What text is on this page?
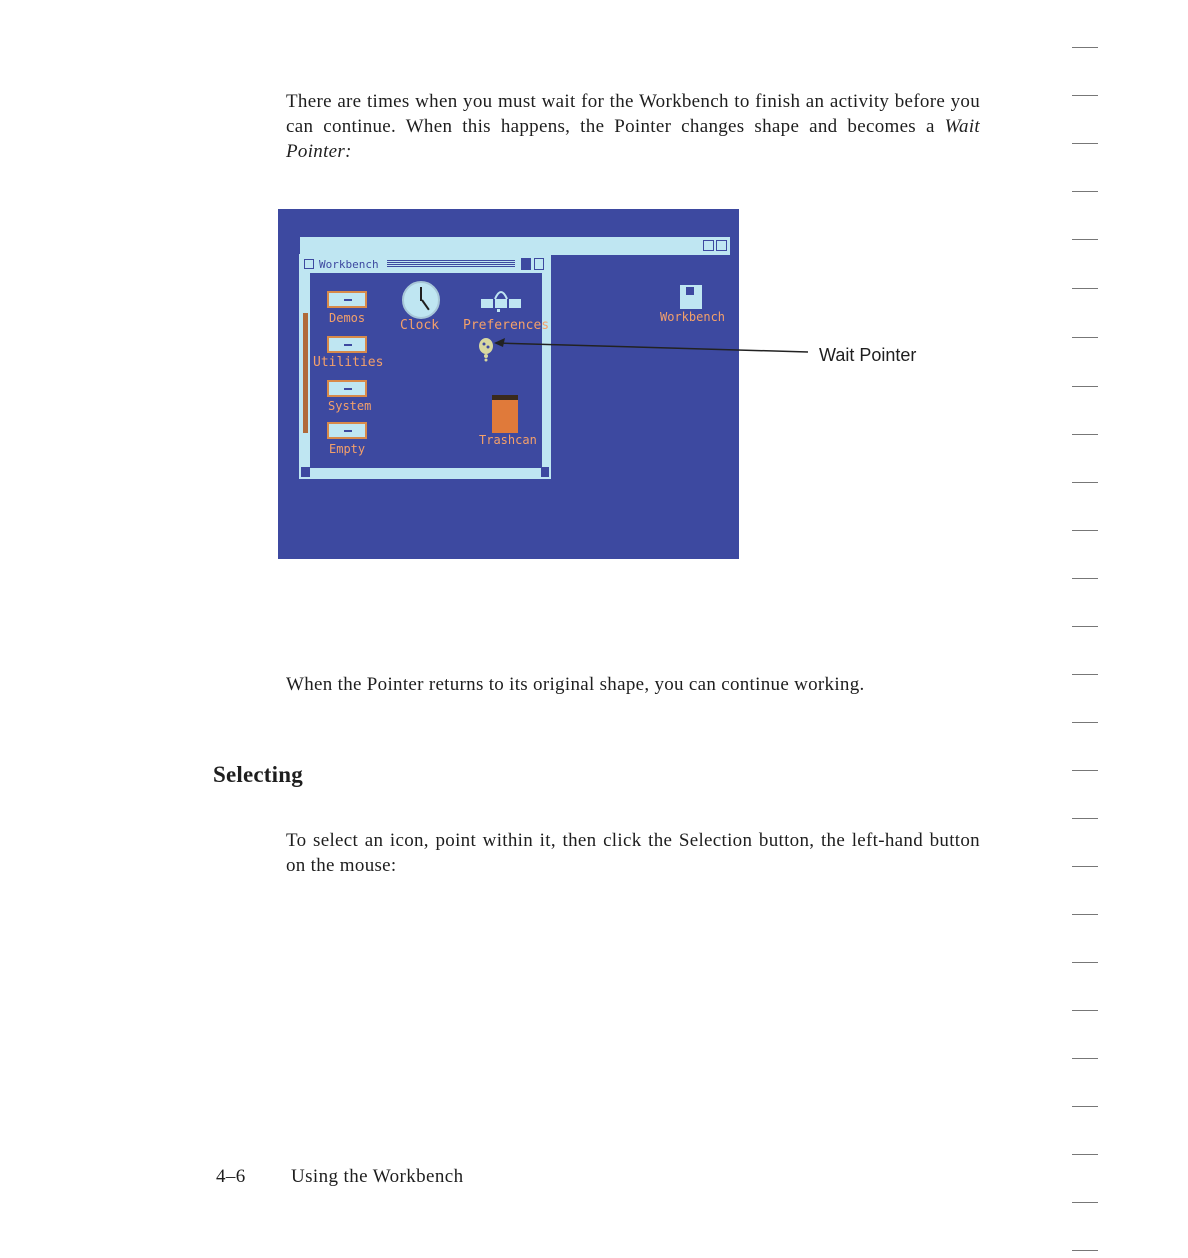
There are times when you must wait for the Workbench to finish an activity before you can continue. When this happens, the Pointer changes shape and becomes a Wait Pointer:

Workbench
Demos	Clock Preferences
Utilities
System
Trashcan
Empty
Workbench
Wait Pointer

When the Pointer returns to its original shape, you can continue working.

Selecting

To select an icon, point within it, then click the Selection button, the left-hand button on the mouse:

4–6 Using the Workbench
